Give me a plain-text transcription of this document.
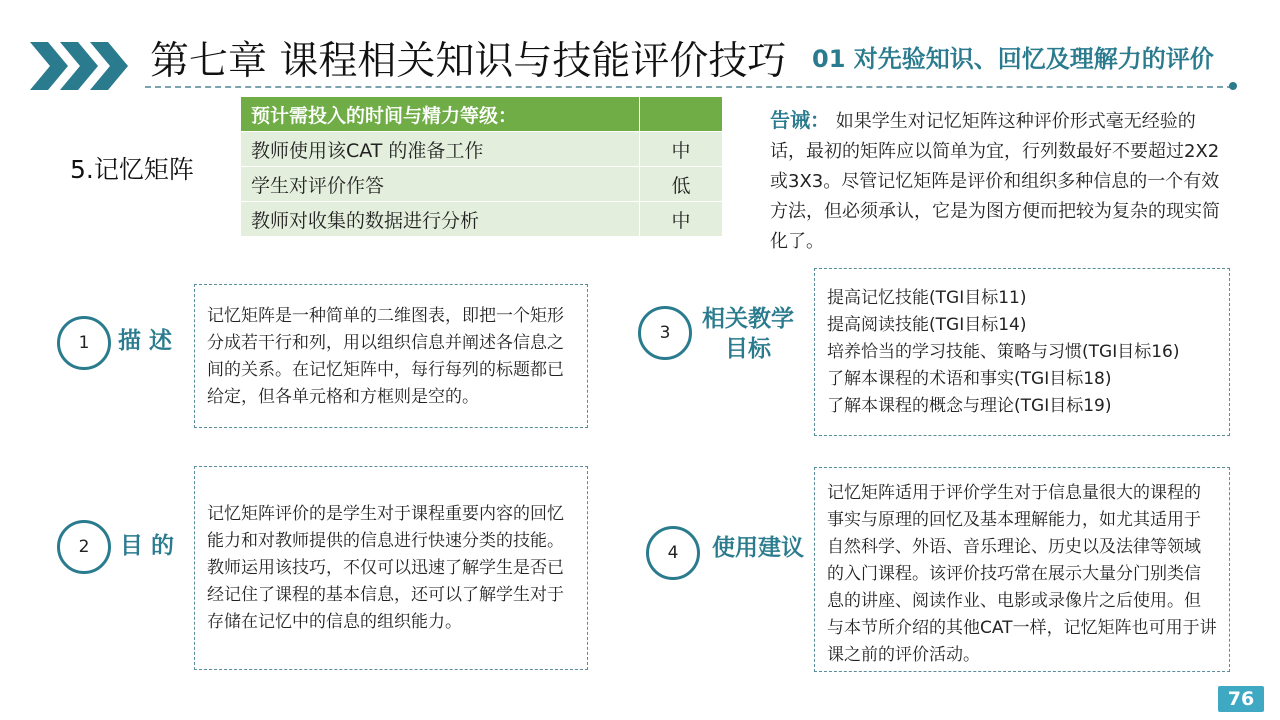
第七章 课程相关知识与技能评价技巧 01 对先验知识、回忆及理解力的评价
5.记忆矩阵
预计需投入的时间与精力等级：	
教师使用该CAT 的准备工作	中
学生对评价作答	低
教师对收集的数据进行分析	中
告诫： 如果学生对记忆矩阵这种评价形式毫无经验的话，最初的矩阵应以简单为宜，行列数最好不要超过2X2或3X3。尽管记忆矩阵是评价和组织多种信息的一个有效方法，但必须承认，它是为图方便而把较为复杂的现实简化了。
1	描 述
记忆矩阵是一种简单的二维图表，即把一个矩形分成若干行和列，用以组织信息并阐述各信息之间的关系。在记忆矩阵中，每行每列的标题都已给定，但各单元格和方框则是空的。
2	目 的
记忆矩阵评价的是学生对于课程重要内容的回忆能力和对教师提供的信息进行快速分类的技能。教师运用该技巧，不仅可以迅速了解学生是否已经记住了课程的基本信息，还可以了解学生对于存储在记忆中的信息的组织能力。
3
相关教学
目标
提高记忆技能(TGI目标11)
提高阅读技能(TGI目标14)
培养恰当的学习技能、策略与习惯(TGI目标16)
了解本课程的术语和事实(TGI目标18)
了解本课程的概念与理论(TGI目标19)
4	使用建议
记忆矩阵适用于评价学生对于信息量很大的课程的事实与原理的回忆及基本理解能力，如尤其适用于自然科学、外语、音乐理论、历史以及法律等领域的入门课程。该评价技巧常在展示大量分门别类信息的讲座、阅读作业、电影或录像片之后使用。但与本节所介绍的其他CAT一样，记忆矩阵也可用于讲课之前的评价活动。
76
